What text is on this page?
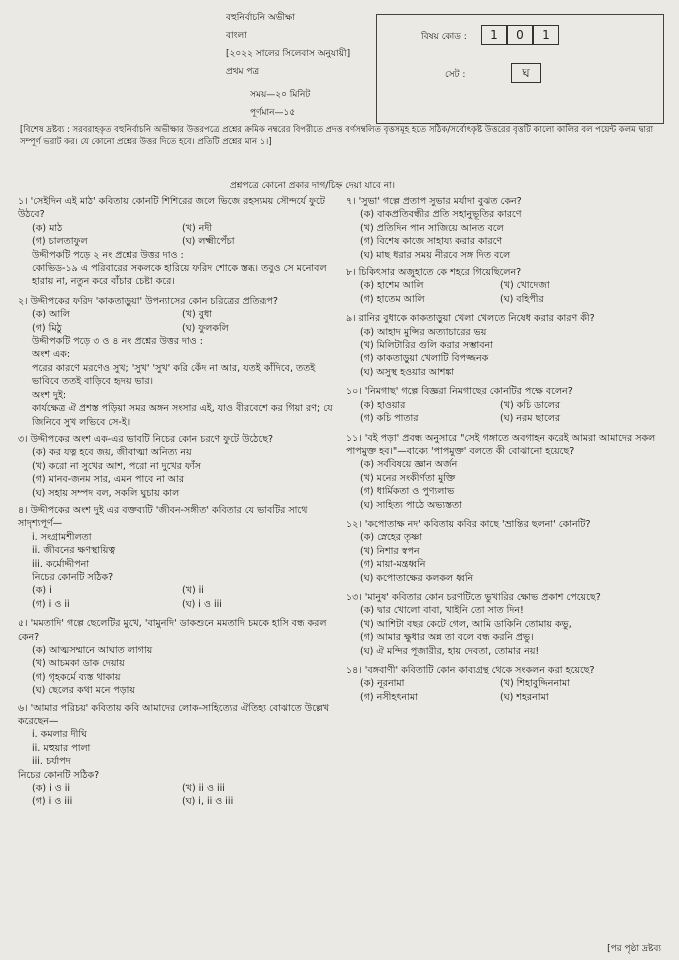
বহুনির্বাচনি অভীক্ষা
বাংলা
[২০২২ সালের সিলেবাস অনুযায়ী]
প্রথম পত্র
সময়—২০ মিনিট
পূর্ণমান—১৫
বিষয় কোড :	1	0	1
সেট :	ঘ
[বিশেষ দ্রষ্টব্য : সরবরাহকৃত বহুনির্বাচনি অভীক্ষার উত্তরপত্রে প্রশ্নের ক্রমিক নম্বরের বিপরীতে প্রদত্ত বর্ণসম্বলিত বৃত্তসমূহ হতে সঠিক/সর্বোৎকৃষ্ট উত্তরের বৃত্তটি কালো কালির বল পয়েন্ট কলম দ্বারা সম্পূর্ণ ভরাট কর। যে কোনো প্রশ্নের উত্তর দিতে হবে। প্রতিটি প্রশ্নের মান ১।]
প্রশ্নপত্রে কোনো প্রকার দাগ/চিহ্ন দেয়া যাবে না।

১। 'সেইদিন এই মাঠ' কবিতায় কোনটি শিশিরের জলে ভিজে রহস্যময় সৌন্দর্যে ফুটে উঠবে?

(ক) মাঠ	(খ) নদী
(গ) চালতাফুল	(ঘ) লক্ষ্মীপেঁচা

উদ্দীপকটি পড়ে ২ নং প্রশ্নের উত্তর দাও :

কোভিড-১৯ এ পরিবারের সকলকে হারিয়ে ফরিদ শোকে স্তব্ধ। তবুও সে মনোবল হারায় না, নতুন করে বাঁচার চেষ্টা করে।

২। উদ্দীপকের ফরিদ 'কাকতাড়ুয়া' উপন্যাসের কোন চরিত্রের প্রতিরূপ?

(ক) আলি	(খ) বুধা
(গ) মিঠু	(ঘ) ফুলকলি

উদ্দীপকটি পড়ে ৩ ও ৪ নং প্রশ্নের উত্তর দাও :

অংশ এক:

পরের কারণে মরণেও সুখ; 'সুখ' 'সুখ' করি কেঁদ না আর, যতই কাঁদিবে, ততই ভাবিবে ততই বাড়িবে হৃদয় ভার।

অংশ দুই:

কার্যক্ষেত্র ঐ প্রশস্ত পড়িয়া সমর অঙ্গন সংসার এই, যাও বীরবেশে কর গিয়া রণ; যে জিনিবে সুখ লভিবে সে-ই।

৩। উদ্দীপকের অংশ এক-এর ভাবটি নিচের কোন চরণে ফুটে উঠেছে?

(ক) কর যত্ন হবে জয়, জীবাত্মা অনিত্য নয়

(খ) করো না সুখের আশ, পরো না দুখের ফাঁস

(গ) মানব-জনম সার, এমন পাবে না আর

(ঘ) সহায় সম্পদ বল, সকলি ঘুচায় কাল

৪। উদ্দীপকের অংশ দুই এর বক্তব্যটি 'জীবন-সঙ্গীত' কবিতার যে ভাবটির সাথে সাদৃশ্যপূর্ণ—

i. সংগ্রামশীলতা

ii. জীবনের ক্ষণস্থায়িত্ব

iii. কর্মোদ্দীপনা

নিচের কোনটি সঠিক?

(ক) i	(খ) ii
(গ) i ও ii	(ঘ) i ও iii

৫। 'মমতাদি' গল্পে ছেলেটির মুখে, 'বামুনদি' ডাকশুনে মমতাদি চমকে হাসি বন্ধ করল কেন?

(ক) আত্মসম্মানে আঘাত লাগায়

(খ) আচমকা ডাক দেয়ায়

(গ) গৃহকর্মে ব্যস্ত থাকায়

(ঘ) ছেলের কথা মনে পড়ায়

৬। 'আমার পরিচয়' কবিতায় কবি আমাদের লোক-সাহিত্যের ঐতিহ্য বোঝাতে উল্লেখ করেছেন—

i. কমলার দীঘি

ii. মহুয়ার পালা

iii. চর্যাপদ

নিচের কোনটি সঠিক?

(ক) i ও ii	(খ) ii ও iii
(গ) i ও iii	(ঘ) i, ii ও iii

৭। 'সুভা' গল্পে প্রতাপ সুভার মর্যাদা বুঝত কেন?

(ক) বাকপ্রতিবন্ধীর প্রতি সহানুভূতির কারণে

(খ) প্রতিদিন পান সাজিয়ে আনত বলে

(গ) বিশেষ কাজে সাহায্য করার কারণে

(ঘ) মাছ ধরার সময় নীরবে সঙ্গ দিত বলে

৮। চিকিৎসার অজুহাতে কে শহরে গিয়েছিলেন?

(ক) হাশেম আলি	(খ) খোদেজা
(গ) হাতেম আলি	(ঘ) বহিপীর

৯। রানির বুধাকে কাকতাড়ুয়া খেলা খেলতে নিষেধ করার কারণ কী?

(ক) আহাদ মুন্সির অত্যাচারের ভয়

(খ) মিলিটারির গুলি করার সম্ভাবনা

(গ) কাকতাড়ুয়া খেলাটি বিপজ্জনক

(ঘ) অসুস্থ হওয়ার আশঙ্কা

১০। 'নিমগাছ' গল্পে বিজ্ঞরা নিমগাছের কোনটির পক্ষে বলেন?

(ক) হাওয়ার	(খ) কচি ডালের
(গ) কচি পাতার	(ঘ) নরম ছালের

১১। 'বই পড়া' প্রবন্ধ অনুসারে "সেই গঙ্গাতে অবগাহন করেই আমরা আমাদের সকল পাপমুক্ত হব।"—বাক্যে 'পাপমুক্ত' বলতে কী বোঝানো হয়েছে?

(ক) সর্ববিষয়ে জ্ঞান অর্জন

(খ) মনের সংকীর্ণতা মুক্তি

(গ) ধার্মিকতা ও পুণ্যলাভ

(ঘ) সাহিত্য পাঠে অভ্যস্ততা

১২। 'কপোতাক্ষ নদ' কবিতায় কবির কাছে 'ভ্রান্তির ছলনা' কোনটি?

(ক) স্নেহের তৃষ্ণা

(খ) নিশার স্বপন

(গ) মায়া-মন্ত্রধ্বনি

(ঘ) কপোতাক্ষের কলকল ধ্বনি

১৩। 'মানুষ' কবিতার কোন চরণটিতে ভুখারির ক্ষোভ প্রকাশ পেয়েছে?

(ক) দ্বার খোলো বাবা, খাইনি তো সাত দিন!

(খ) আশিটা বছর কেটে গেল, আমি ডাকিনি তোমায় কভু,

(গ) আমার ক্ষুধার অন্ন তা বলে বন্ধ করনি প্রভু।

(ঘ) ঐ মন্দির পূজারীর, হায় দেবতা, তোমার নয়!

১৪। 'বঙ্গবাণী' কবিতাটি কোন কাব্যগ্রন্থ থেকে সংকলন করা হয়েছে?

(ক) নূরনামা	(খ) শিহাবুদ্দিননামা
(গ) নসীহৎনামা	(ঘ) শহরনামা
[পর পৃষ্ঠা দ্রষ্টব্য
